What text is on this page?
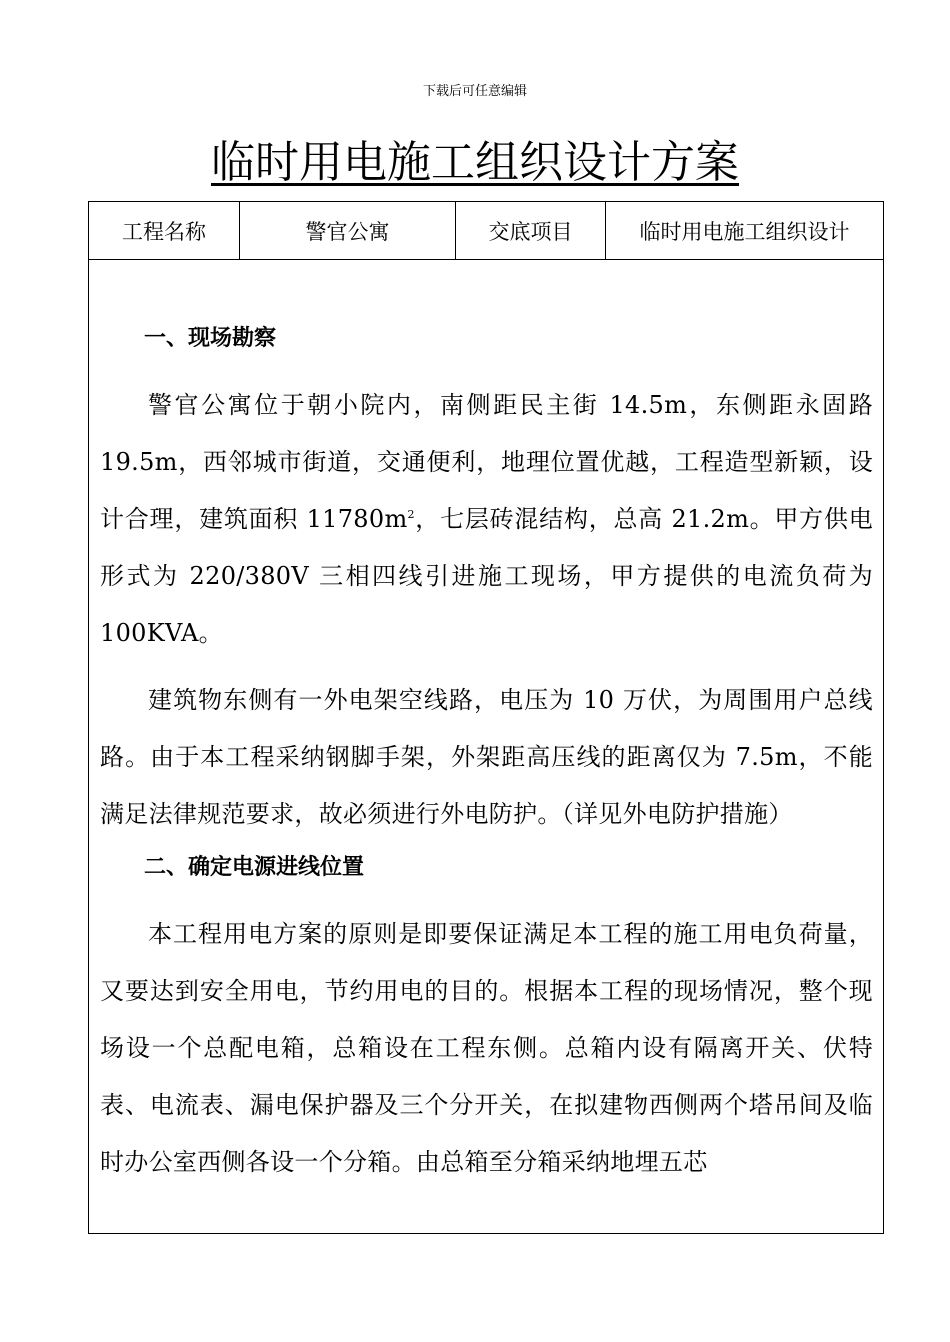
下载后可任意编辑
临时用电施工组织设计方案
工程名称	警官公寓	交底项目	临时用电施工组织设计
一、现场勘察

警官公寓位于朝小院内，南侧距民主街 14.5m，东侧距永固路 19.5m，西邻城市街道，交通便利，地理位置优越，工程造型新颖，设计合理，建筑面积 $11780m^2$，七层砖混结构，总高 21.2m。甲方供电形式为 220/380V 三相四线引进施工现场，甲方提供的电流负荷为 100KVA。

建筑物东侧有一外电架空线路，电压为 10 万伏，为周围用户总线路。由于本工程采纳钢脚手架，外架距高压线的距离仅为 7.5m，不能满足法律规范要求，故必须进行外电防护。（详见外电防护措施）

二、确定电源进线位置

本工程用电方案的原则是即要保证满足本工程的施工用电负荷量，又要达到安全用电，节约用电的目的。根据本工程的现场情况，整个现场设一个总配电箱，总箱设在工程东侧。总箱内设有隔离开关、伏特表、电流表、漏电保护器及三个分开关，在拟建物西侧两个塔吊间及临时办公室西侧各设一个分箱。由总箱至分箱采纳地埋五芯
